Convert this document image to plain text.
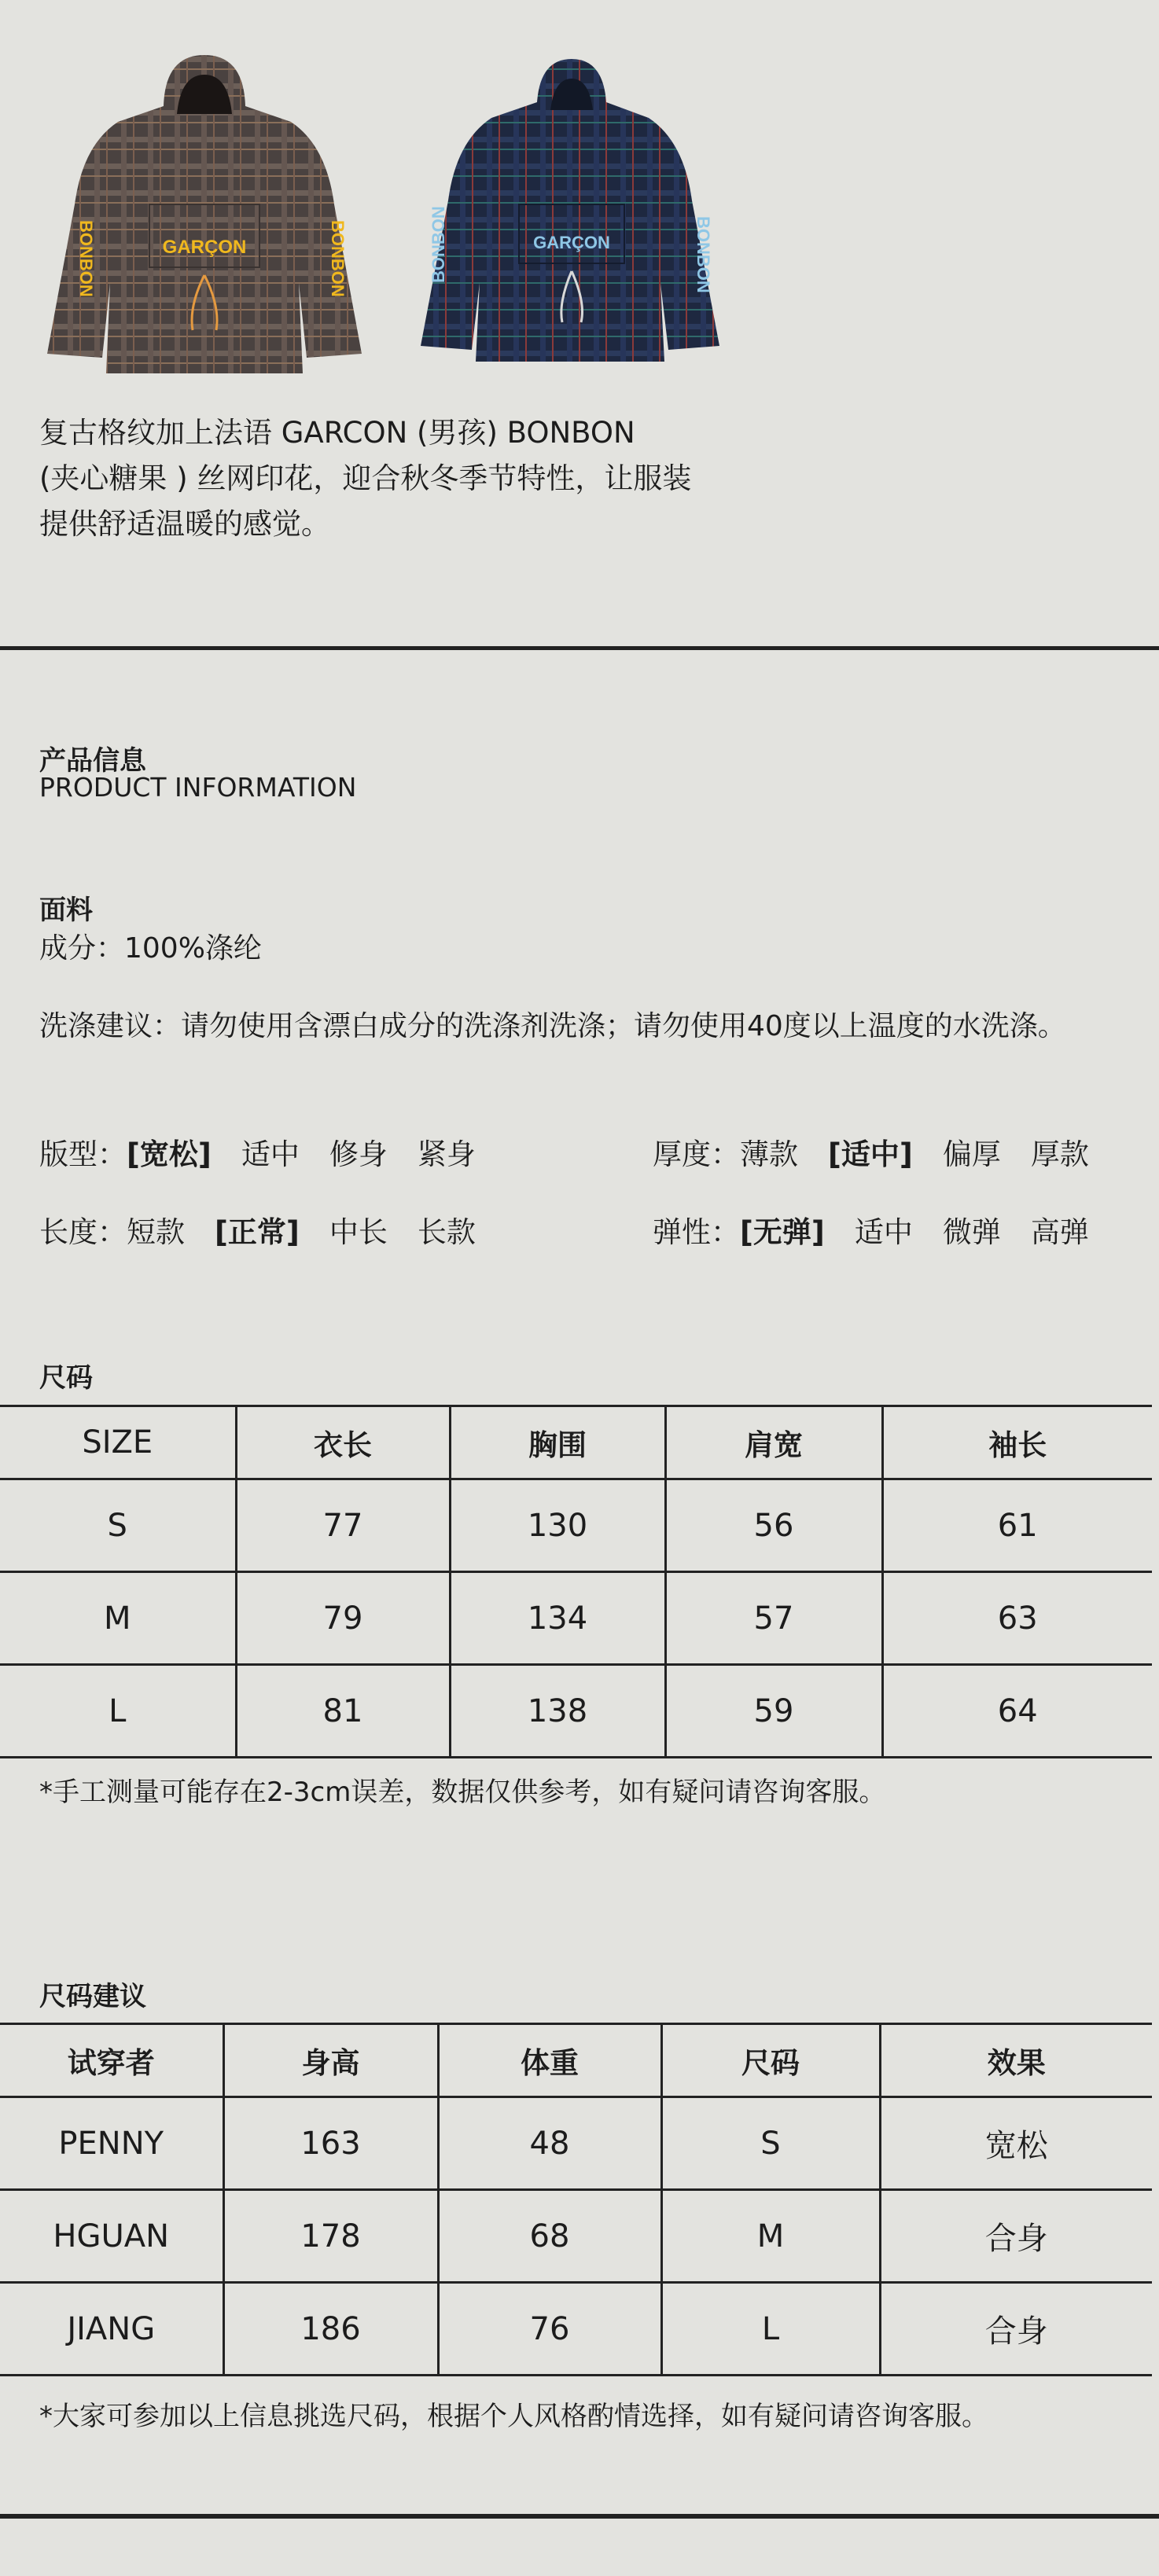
GARÇON
BONBON	BONBON	GARÇON
BONBON	BONBON
复古格纹加上法语 GARCON (男孩) BONBON
(夹心糖果 ) 丝网印花，迎合秋冬季节特性，让服装
提供舒适温暖的感觉。
产品信息
PRODUCT INFORMATION
面料
成分：100%涤纶
洗涤建议：请勿使用含漂白成分的洗涤剂洗涤；请勿使用40度以上温度的水洗涤。
版型： [宽松] 适中 修身 紧身	厚度： 薄款 [适中] 偏厚 厚款
长度： 短款 [正常] 中长 长款	弹性： [无弹] 适中 微弹 高弹
尺码
SIZE	衣长	胸围	肩宽	袖长
S	77	130	56	61
M	79	134	57	63
L	81	138	59	64
*手工测量可能存在2-3cm误差，数据仅供参考，如有疑问请咨询客服。
尺码建议
试穿者	身高	体重	尺码	效果
PENNY	163	48	S	宽松
HGUAN	178	68	M	合身
JIANG	186	76	L	合身
*大家可参加以上信息挑选尺码，根据个人风格酌情选择，如有疑问请咨询客服。
